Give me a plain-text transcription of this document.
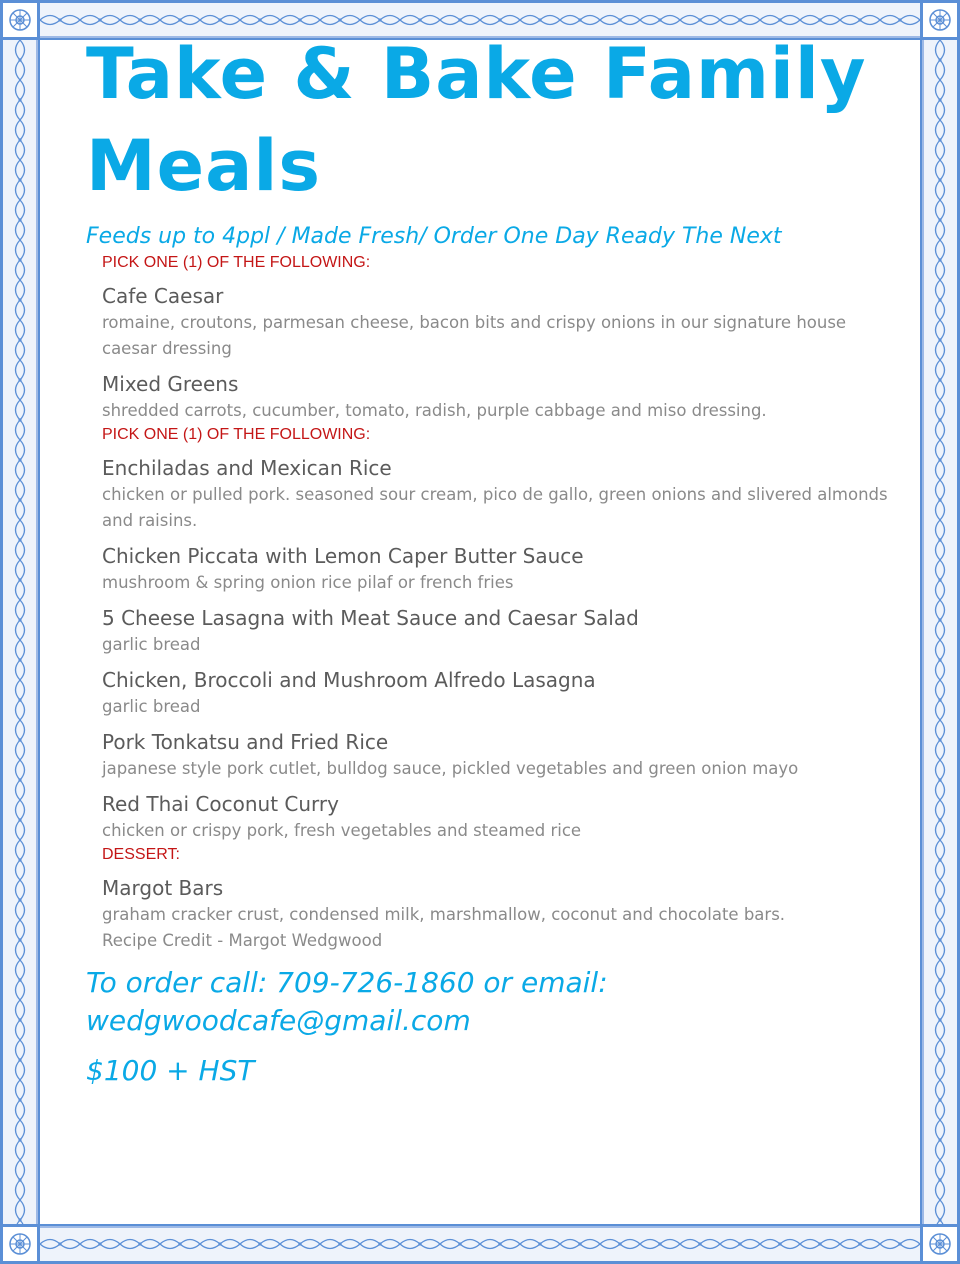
Take & Bake Family Meals
Feeds up to 4ppl / Made Fresh/ Order One Day Ready The Next
PICK ONE (1) OF THE FOLLOWING:
Cafe Caesar
romaine, croutons, parmesan cheese, bacon bits and crispy onions in our signature house caesar dressing
Mixed Greens
shredded carrots, cucumber, tomato, radish, purple cabbage and miso dressing.
PICK ONE (1) OF THE FOLLOWING:
Enchiladas and Mexican Rice
chicken or pulled pork. seasoned sour cream, pico de gallo, green onions and slivered almonds and raisins.
Chicken Piccata with Lemon Caper Butter Sauce
mushroom & spring onion rice pilaf or french fries
5 Cheese Lasagna with Meat Sauce and Caesar Salad
garlic bread
Chicken, Broccoli and Mushroom Alfredo Lasagna
garlic bread
Pork Tonkatsu and Fried Rice
japanese style pork cutlet, bulldog sauce, pickled vegetables and green onion mayo
Red Thai Coconut Curry
chicken or crispy pork, fresh vegetables and steamed rice
DESSERT:
Margot Bars
graham cracker crust, condensed milk, marshmallow, coconut and chocolate bars.
Recipe Credit - Margot Wedgwood
To order call: 709-726-1860 or email: wedgwoodcafe@gmail.com
$100 + HST
